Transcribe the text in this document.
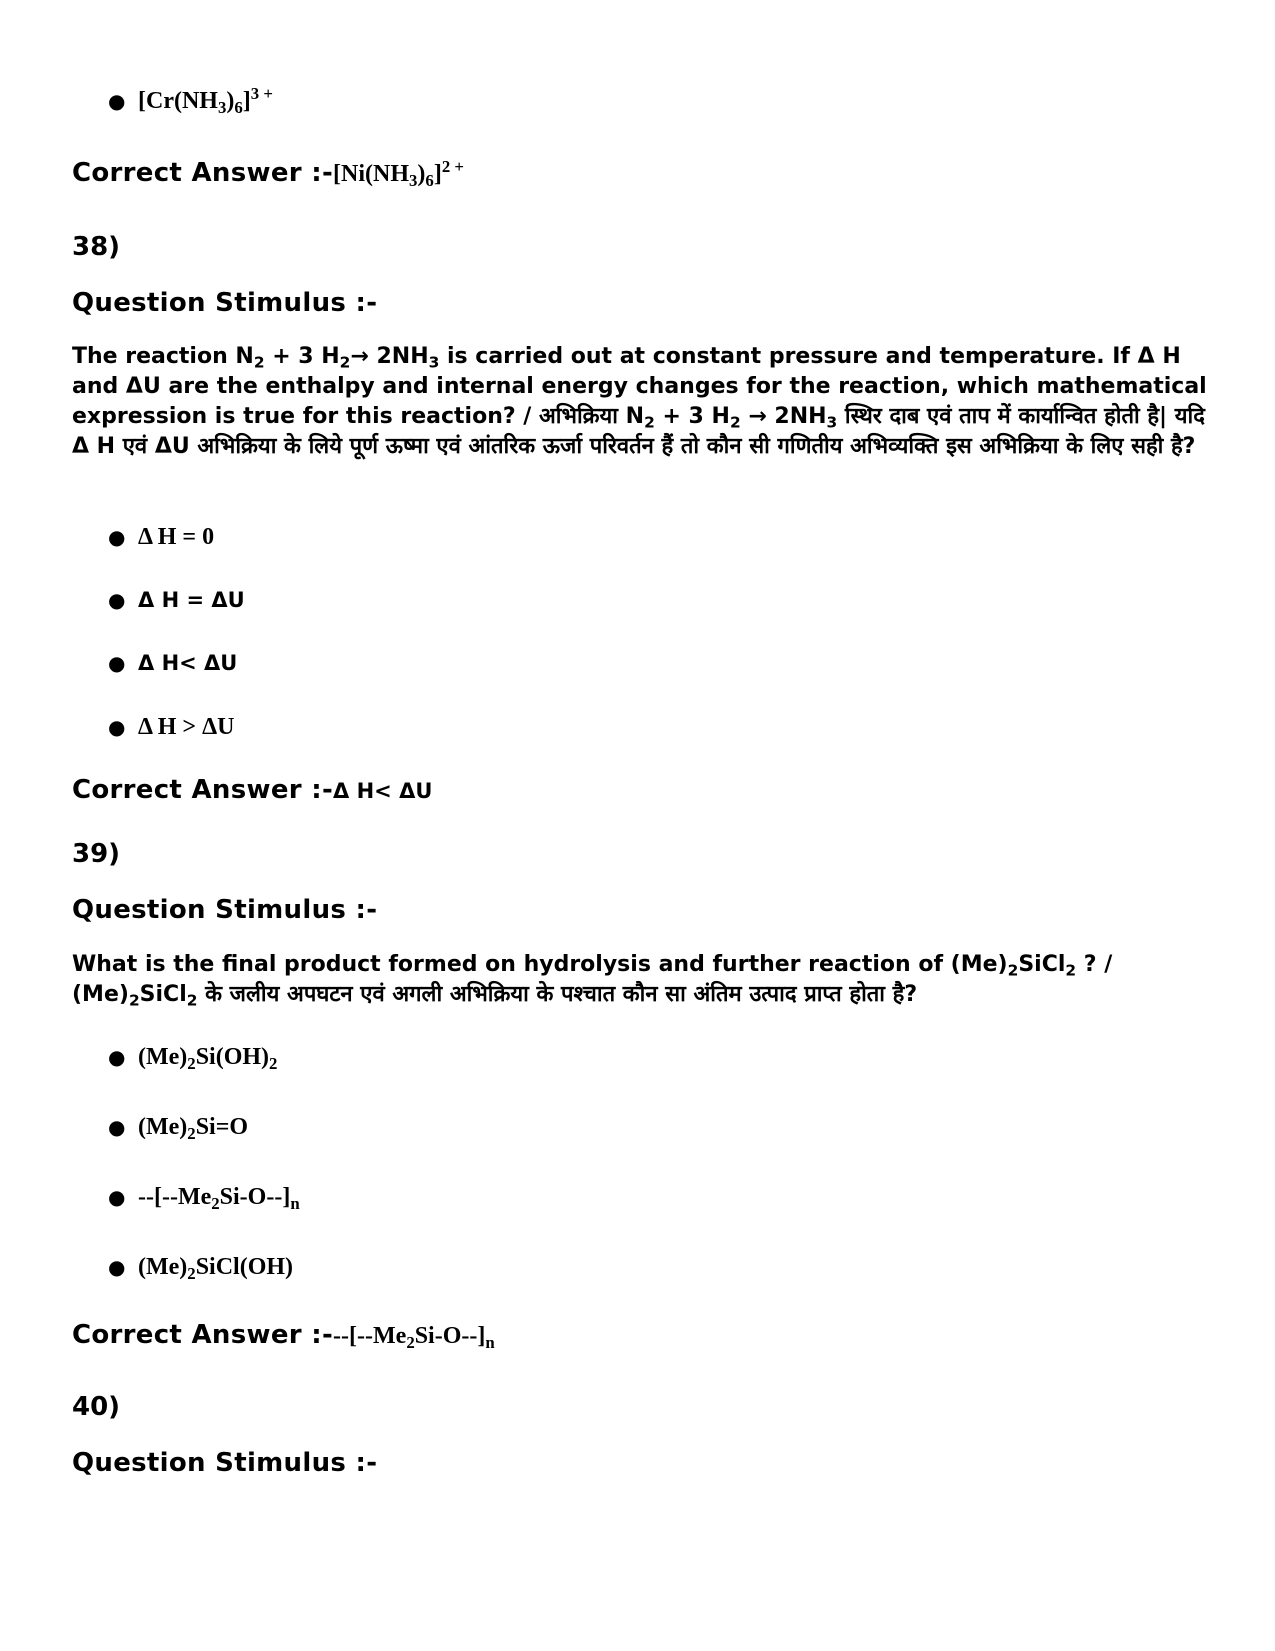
● $[Cr(NH_3)_6]^{3 +}$
Correct Answer $:-[Ni(NH_3)_6]^{2 +}$
38)
Question Stimulus :-
The reaction $N_2 + 3$ $H_2\to 2NH_3$ is carried out at constant pressure and temperature. If Δ H and ΔU are the enthalpy and internal energy changes for the reaction, which mathematical expression is true for this reaction? / अभिक्रिया $N_2 + 3$ $H_2 \to 2NH_3$ स्थिर दाब एवं ताप में कार्यान्वित होती है| यदि Δ H एवं ΔU अभिक्रिया के लिये पूर्ण ऊष्मा एवं आंतरिक ऊर्जा परिवर्तन हैं तो कौन सी गणितीय अभिव्यक्ति इस अभिक्रिया के लिए सही है?
● Δ H = 0
● Δ H = ΔU
● Δ H< ΔU
● Δ H > ΔU
Correct Answer :-Δ H< ΔU
39)
Question Stimulus :-
What is the final product formed on hydrolysis and further reaction of $(Me)_2SiCl_2$ ? / $(Me)_2SiCl_2$ के जलीय अपघटन एवं अगली अभिक्रिया के पश्चात कौन सा अंतिम उत्पाद प्राप्त होता है?
● $(Me)_2Si(OH)_2$
● $(Me)_2Si=O$
● $--[--Me_2Si-O--]_n$
● $(Me)_2SiCl(OH)$
Correct Answer $:---[--Me_2Si-O--]_n$
40)
Question Stimulus :-
